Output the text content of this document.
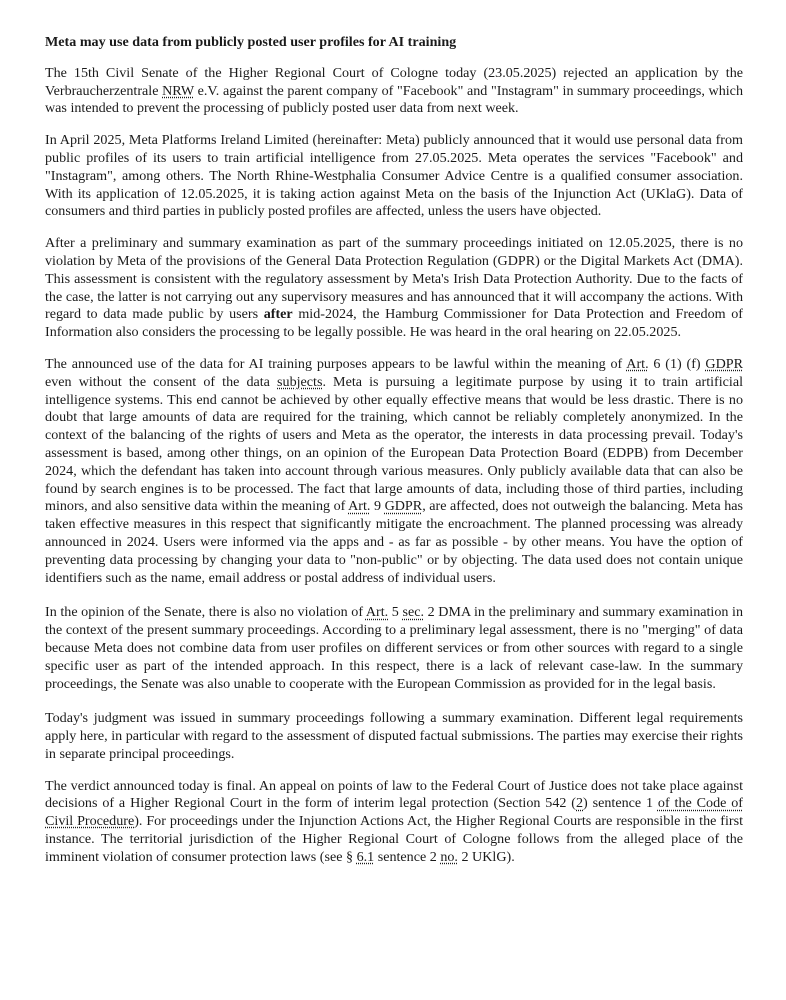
Meta may use data from publicly posted user profiles for AI training

The 15th Civil Senate of the Higher Regional Court of Cologne today (23.05.2025) rejected an application by the Verbraucherzentrale NRW e.V. against the parent company of "Facebook" and "Instagram" in summary proceedings, which was intended to prevent the processing of publicly posted user data from next week.

In April 2025, Meta Platforms Ireland Limited (hereinafter: Meta) publicly announced that it would use personal data from public profiles of its users to train artificial intelligence from 27.05.2025. Meta operates the services "Facebook" and "Instagram", among others. The North Rhine-Westphalia Consumer Advice Centre is a qualified consumer association. With its application of 12.05.2025, it is taking action against Meta on the basis of the Injunction Act (UKlaG). Data of consumers and third parties in publicly posted profiles are affected, unless the users have objected.

After a preliminary and summary examination as part of the summary proceedings initiated on 12.05.2025, there is no violation by Meta of the provisions of the General Data Protection Regulation (GDPR) or the Digital Markets Act (DMA). This assessment is consistent with the regulatory assessment by Meta's Irish Data Protection Authority. Due to the facts of the case, the latter is not carrying out any supervisory measures and has announced that it will accompany the actions. With regard to data made public by users after mid-2024, the Hamburg Commissioner for Data Protection and Freedom of Information also considers the processing to be legally possible. He was heard in the oral hearing on 22.05.2025.

The announced use of the data for AI training purposes appears to be lawful within the meaning of Art. 6 (1) (f) GDPR even without the consent of the data subjects. Meta is pursuing a legitimate purpose by using it to train artificial intelligence systems. This end cannot be achieved by other equally effective means that would be less drastic. There is no doubt that large amounts of data are required for the training, which cannot be reliably completely anonymized. In the context of the balancing of the rights of users and Meta as the operator, the interests in data processing prevail. Today's assessment is based, among other things, on an opinion of the European Data Protection Board (EDPB) from December 2024, which the defendant has taken into account through various measures. Only publicly available data that can also be found by search engines is to be processed. The fact that large amounts of data, including those of third parties, including minors, and also sensitive data within the meaning of Art. 9 GDPR, are affected, does not outweigh the balancing. Meta has taken effective measures in this respect that significantly mitigate the encroachment. The planned processing was already announced in 2024. Users were informed via the apps and - as far as possible - by other means. You have the option of preventing data processing by changing your data to "non-public" or by objecting. The data used does not contain unique identifiers such as the name, email address or postal address of individual users.

In the opinion of the Senate, there is also no violation of Art. 5 sec. 2 DMA in the preliminary and summary examination in the context of the present summary proceedings. According to a preliminary legal assessment, there is no "merging" of data because Meta does not combine data from user profiles on different services or from other sources with regard to a single specific user as part of the intended approach. In this respect, there is a lack of relevant case-law. In the summary proceedings, the Senate was also unable to cooperate with the European Commission as provided for in the legal basis.

Today's judgment was issued in summary proceedings following a summary examination. Different legal requirements apply here, in particular with regard to the assessment of disputed factual submissions. The parties may exercise their rights in separate principal proceedings.

The verdict announced today is final. An appeal on points of law to the Federal Court of Justice does not take place against decisions of a Higher Regional Court in the form of interim legal protection (Section 542 (2) sentence 1 of the Code of Civil Procedure). For proceedings under the Injunction Actions Act, the Higher Regional Courts are responsible in the first instance. The territorial jurisdiction of the Higher Regional Court of Cologne follows from the alleged place of the imminent violation of consumer protection laws (see § 6.1 sentence 2 no. 2 UKlG).
